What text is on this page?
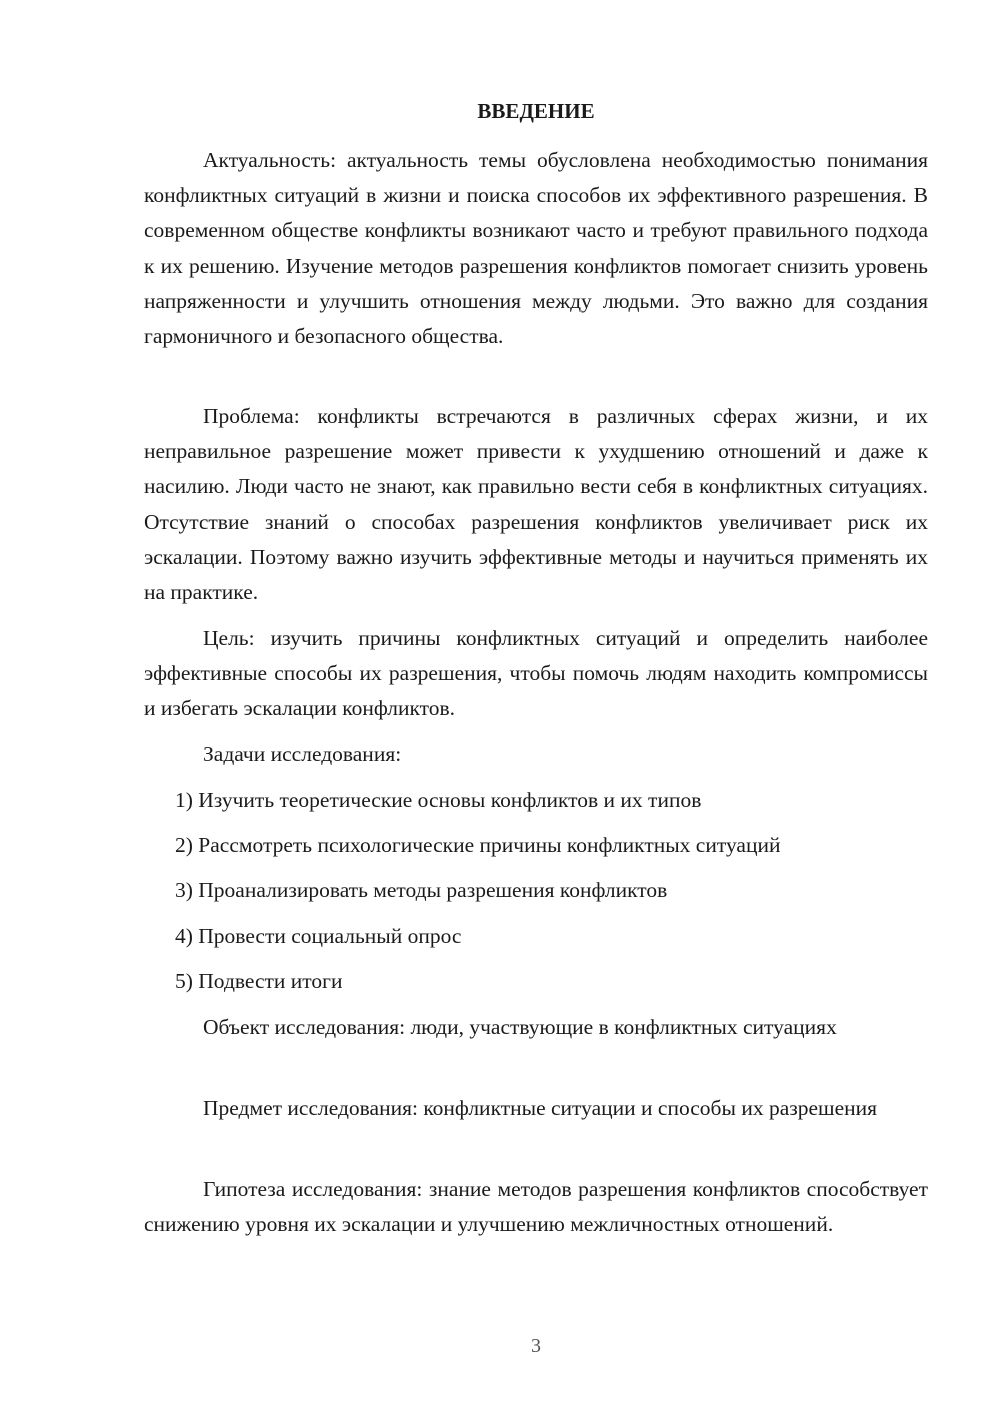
ВВЕДЕНИЕ

Актуальность: актуальность темы обусловлена необходимостью понимания конфликтных ситуаций в жизни и поиска способов их эффективного разрешения. В современном обществе конфликты возникают часто и требуют правильного подхода к их решению. Изучение методов разрешения конфликтов помогает снизить уровень напряженности и улучшить отношения между людьми. Это важно для создания гармоничного и безопасного общества.

Проблема: конфликты встречаются в различных сферах жизни, и их неправильное разрешение может привести к ухудшению отношений и даже к насилию. Люди часто не знают, как правильно вести себя в конфликтных ситуациях. Отсутствие знаний о способах разрешения конфликтов увеличивает риск их эскалации. Поэтому важно изучить эффективные методы и научиться применять их на практике.

Цель: изучить причины конфликтных ситуаций и определить наиболее эффективные способы их разрешения, чтобы помочь людям находить компромиссы и избегать эскалации конфликтов.

Задачи исследования:

1) Изучить теоретические основы конфликтов и их типов

2) Рассмотреть психологические причины конфликтных ситуаций

3) Проанализировать методы разрешения конфликтов

4) Провести социальный опрос

5) Подвести итоги

Объект исследования: люди, участвующие в конфликтных ситуациях

Предмет исследования: конфликтные ситуации и способы их разрешения

Гипотеза исследования: знание методов разрешения конфликтов способствует снижению уровня их эскалации и улучшению межличностных отношений.

3
